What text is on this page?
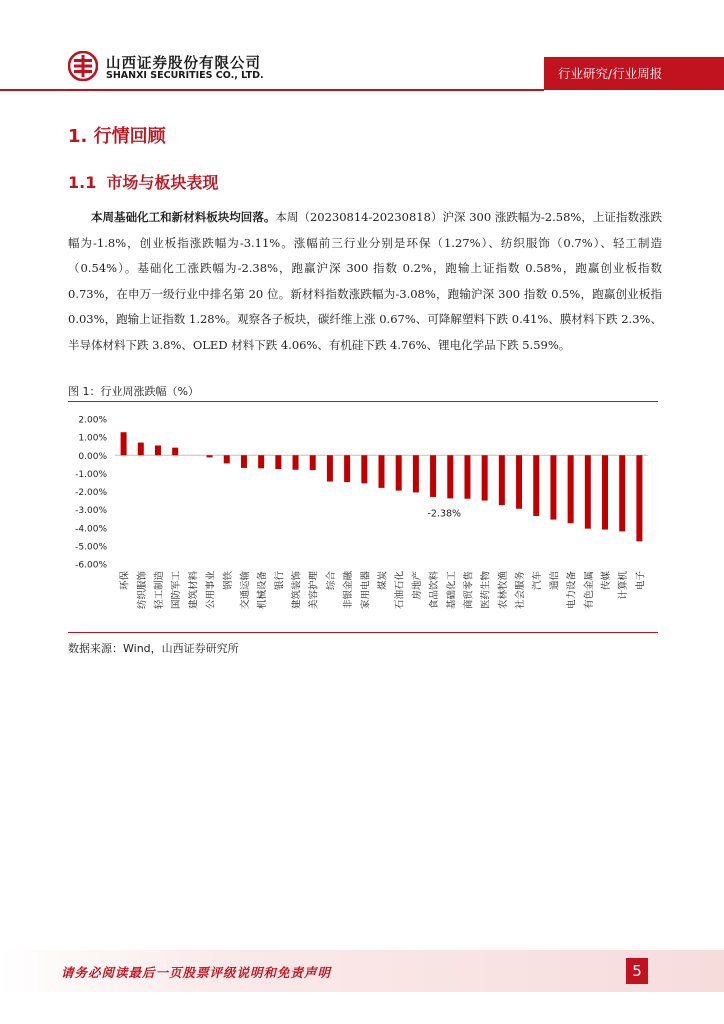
山西证券股份有限公司
SHANXI SECURITIES CO., LTD.	行业研究/行业周报
1. 行情回顾
1.1 市场与板块表现
本周基础化工和新材料板块均回落。本周（20230814-20230818）沪深 300 涨跌幅为-2.58%，上证指数涨跌幅为-1.8%，创业板指涨跌幅为-3.11%。涨幅前三行业分别是环保（1.27%）、纺织服饰（0.7%）、轻工制造（0.54%）。基础化工涨跌幅为-2.38%，跑赢沪深 300 指数 0.2%，跑输上证指数 0.58%，跑赢创业板指数 0.73%，在申万一级行业中排名第 20 位。新材料指数涨跌幅为-3.08%，跑输沪深 300 指数 0.5%，跑赢创业板指 0.03%，跑输上证指数 1.28%。观察各子板块，碳纤维上涨 0.67%、可降解塑料下跌 0.41%、膜材料下跌 2.3%、半导体材料下跌 3.8%、OLED 材料下跌 4.06%、有机硅下跌 4.76%、锂电化学品下跌 5.59%。
图 1：行业周涨跌幅（%）
2.00%
1.00%
0.00%
-1.00%
-2.00%
-3.00%
-4.00%
-5.00%
-6.00%
环保 纺织服饰 轻工制造 国防军工 建筑材料 公用事业 钢铁 交通运输 机械设备 银行 建筑装饰 美容护理 综合 非银金融 家用电器 煤炭 石油石化 房地产 食品饮料 基础化工 商贸零售 医药生物 农林牧渔 社会服务 汽车 通信 电力设备 有色金属 传媒 计算机 电子
-2.38%
数据来源：Wind，山西证券研究所
请务必阅读最后一页股票评级说明和免责声明	5
